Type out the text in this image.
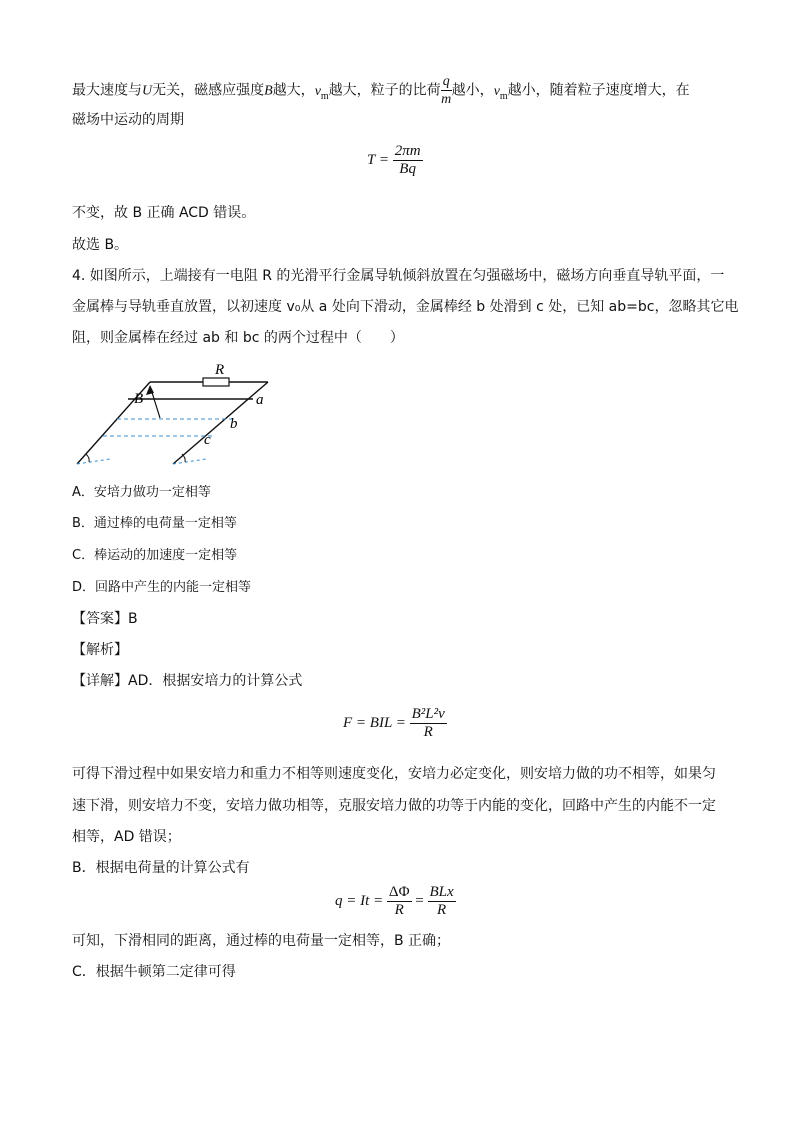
最大速度与U无关，磁感应强度B越大，$v_m$越大，粒子的比荷 $\frac{q}{m}$ 越小，$v_m$越小，随着粒子速度增大，在
磁场中运动的周期
$T = \frac{2\pi m}{Bq}$
不变，故 B 正确 ACD 错误。
故选 B。
4. 如图所示，上端接有一电阻 R 的光滑平行金属导轨倾斜放置在匀强磁场中，磁场方向垂直导轨平面，一
金属棒与导轨垂直放置，以初速度 v₀从 a 处向下滑动，金属棒经 b 处滑到 c 处，已知 ab=bc，忽略其它电
阻，则金属棒在经过 ab 和 bc 的两个过程中（　　）
R
B	a
b
c
A．安培力做功一定相等
B．通过棒的电荷量一定相等
C．棒运动的加速度一定相等
D．回路中产生的内能一定相等
【答案】B
【解析】
【详解】AD．根据安培力的计算公式
F = BIL = $\frac{\text{B²L²v}}{R}$
可得下滑过程中如果安培力和重力不相等则速度变化，安培力必定变化，则安培力做的功不相等，如果匀
速下滑，则安培力不变，安培力做功相等，克服安培力做的功等于内能的变化，回路中产生的内能不一定
相等，AD 错误；
B．根据电荷量的计算公式有
$q = It = \frac{\Delta\Phi}{R} = \frac{\text{BLx}}{R}$
可知，下滑相同的距离，通过棒的电荷量一定相等，B 正确；
C．根据牛顿第二定律可得
